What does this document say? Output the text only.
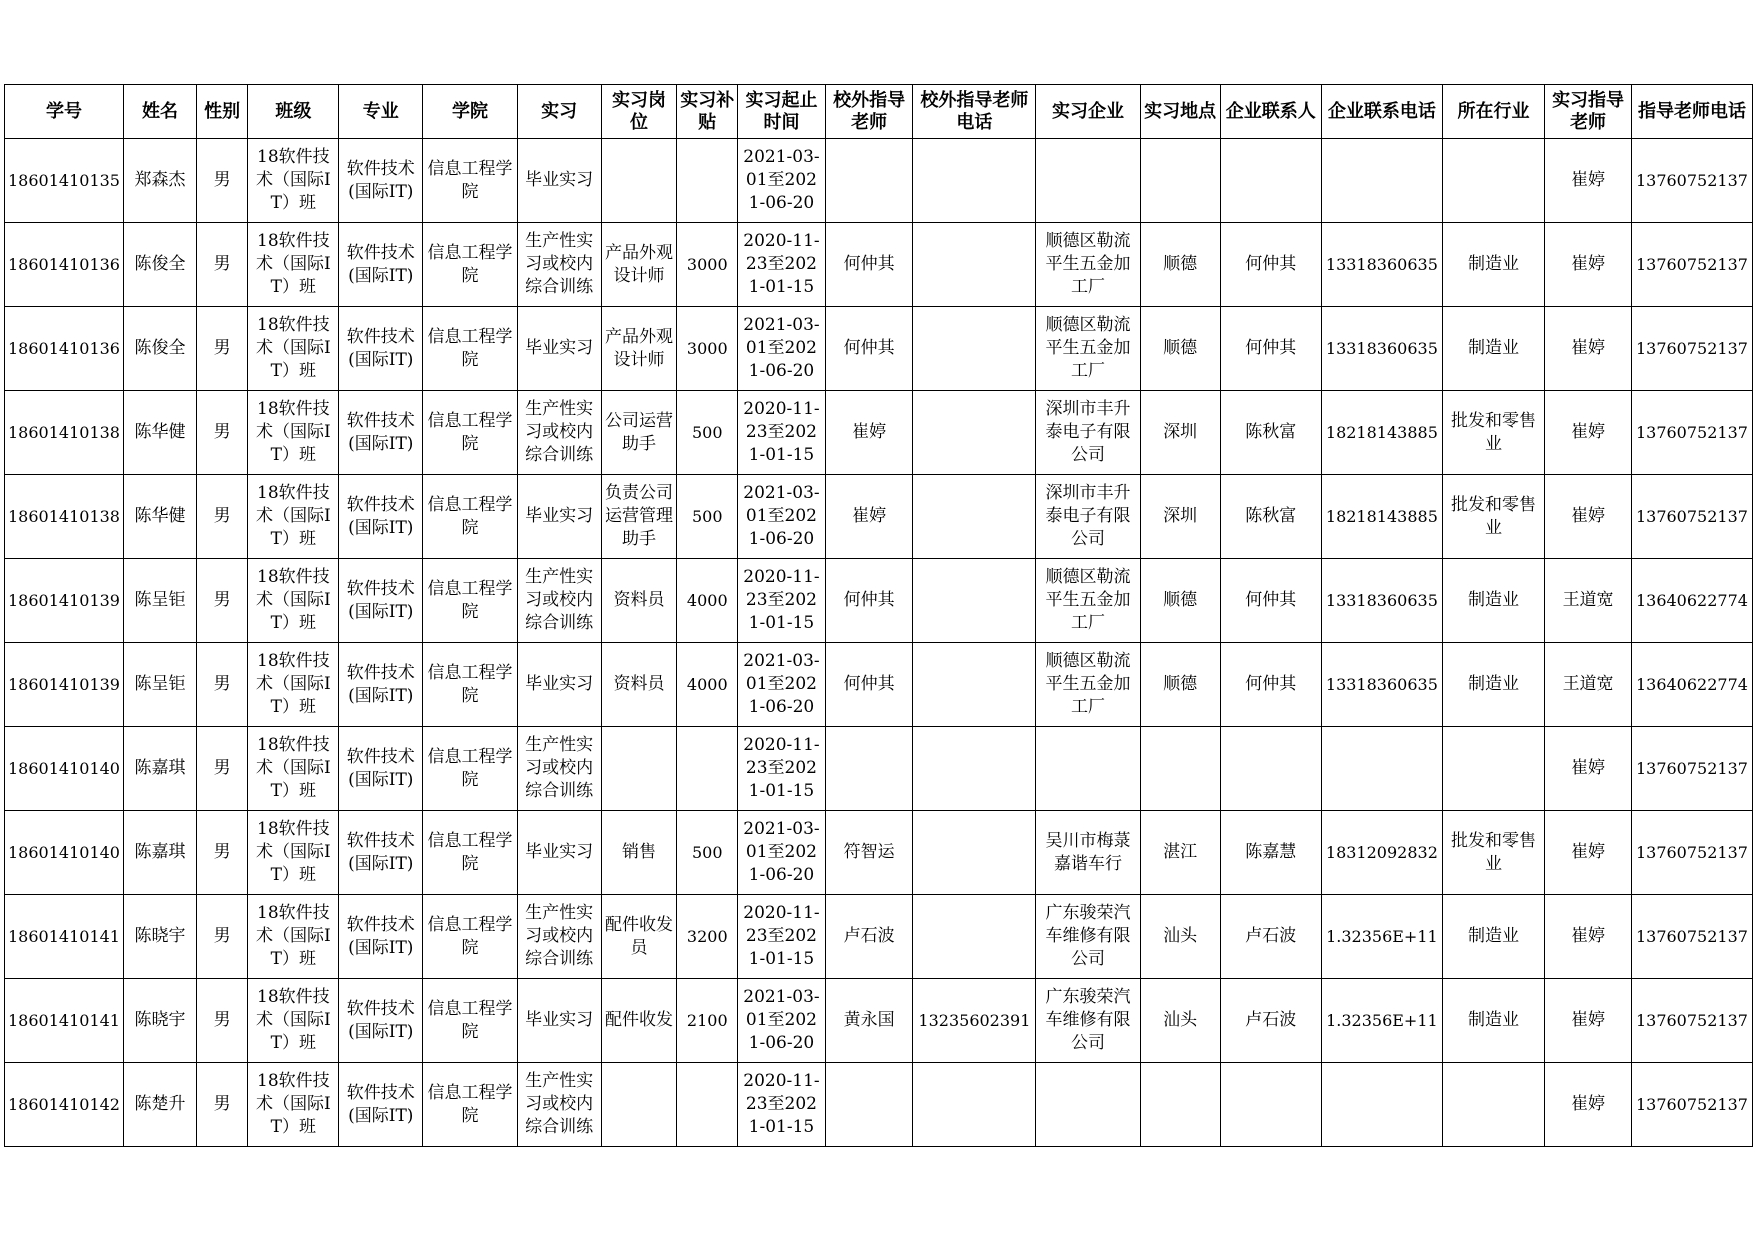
学号	姓名	性别	班级	专业	学院	实习	实习岗位	实习补贴	实习起止时间	校外指导老师	校外指导老师电话	实习企业	实习地点	企业联系人	企业联系电话	所在行业	实习指导老师	指导老师电话

18601410135	郑森杰	男	18软件技术（国际IT）班	软件技术(国际IT)	信息工程学院	毕业实习			2021-03-01至2021-06-20								崔婷	13760752137

18601410136	陈俊全	男	18软件技术（国际IT）班	软件技术(国际IT)	信息工程学院	生产性实习或校内综合训练	产品外观设计师	3000	2020-11-23至2021-01-15	何仲其		顺德区勒流平生五金加工厂	顺德	何仲其	13318360635	制造业	崔婷	13760752137

18601410136	陈俊全	男	18软件技术（国际IT）班	软件技术(国际IT)	信息工程学院	毕业实习	产品外观设计师	3000	2021-03-01至2021-06-20	何仲其		顺德区勒流平生五金加工厂	顺德	何仲其	13318360635	制造业	崔婷	13760752137

18601410138	陈华健	男	18软件技术（国际IT）班	软件技术(国际IT)	信息工程学院	生产性实习或校内综合训练	公司运营助手	500	2020-11-23至2021-01-15	崔婷		深圳市丰升泰电子有限公司	深圳	陈秋富	18218143885	批发和零售业	崔婷	13760752137

18601410138	陈华健	男	18软件技术（国际IT）班	软件技术(国际IT)	信息工程学院	毕业实习	负责公司运营管理助手	500	2021-03-01至2021-06-20	崔婷		深圳市丰升泰电子有限公司	深圳	陈秋富	18218143885	批发和零售业	崔婷	13760752137

18601410139	陈呈钜	男	18软件技术（国际IT）班	软件技术(国际IT)	信息工程学院	生产性实习或校内综合训练	资料员	4000	2020-11-23至2021-01-15	何仲其		顺德区勒流平生五金加工厂	顺德	何仲其	13318360635	制造业	王道宽	13640622774

18601410139	陈呈钜	男	18软件技术（国际IT）班	软件技术(国际IT)	信息工程学院	毕业实习	资料员	4000	2021-03-01至2021-06-20	何仲其		顺德区勒流平生五金加工厂	顺德	何仲其	13318360635	制造业	王道宽	13640622774

18601410140	陈嘉琪	男	18软件技术（国际IT）班	软件技术(国际IT)	信息工程学院	生产性实习或校内综合训练			2020-11-23至2021-01-15								崔婷	13760752137

18601410140	陈嘉琪	男	18软件技术（国际IT）班	软件技术(国际IT)	信息工程学院	毕业实习	销售	500	2021-03-01至2021-06-20	符智运		吴川市梅菉嘉谐车行	湛江	陈嘉慧	18312092832	批发和零售业	崔婷	13760752137

18601410141	陈晓宇	男	18软件技术（国际IT）班	软件技术(国际IT)	信息工程学院	生产性实习或校内综合训练	配件收发员	3200	2020-11-23至2021-01-15	卢石波		广东骏荣汽车维修有限公司	汕头	卢石波	1.32356E+11	制造业	崔婷	13760752137

18601410141	陈晓宇	男	18软件技术（国际IT）班	软件技术(国际IT)	信息工程学院	毕业实习	配件收发	2100	2021-03-01至2021-06-20	黄永国	13235602391	广东骏荣汽车维修有限公司	汕头	卢石波	1.32356E+11	制造业	崔婷	13760752137

18601410142	陈楚升	男	18软件技术（国际IT）班	软件技术(国际IT)	信息工程学院	生产性实习或校内综合训练			2020-11-23至2021-01-15								崔婷	13760752137
